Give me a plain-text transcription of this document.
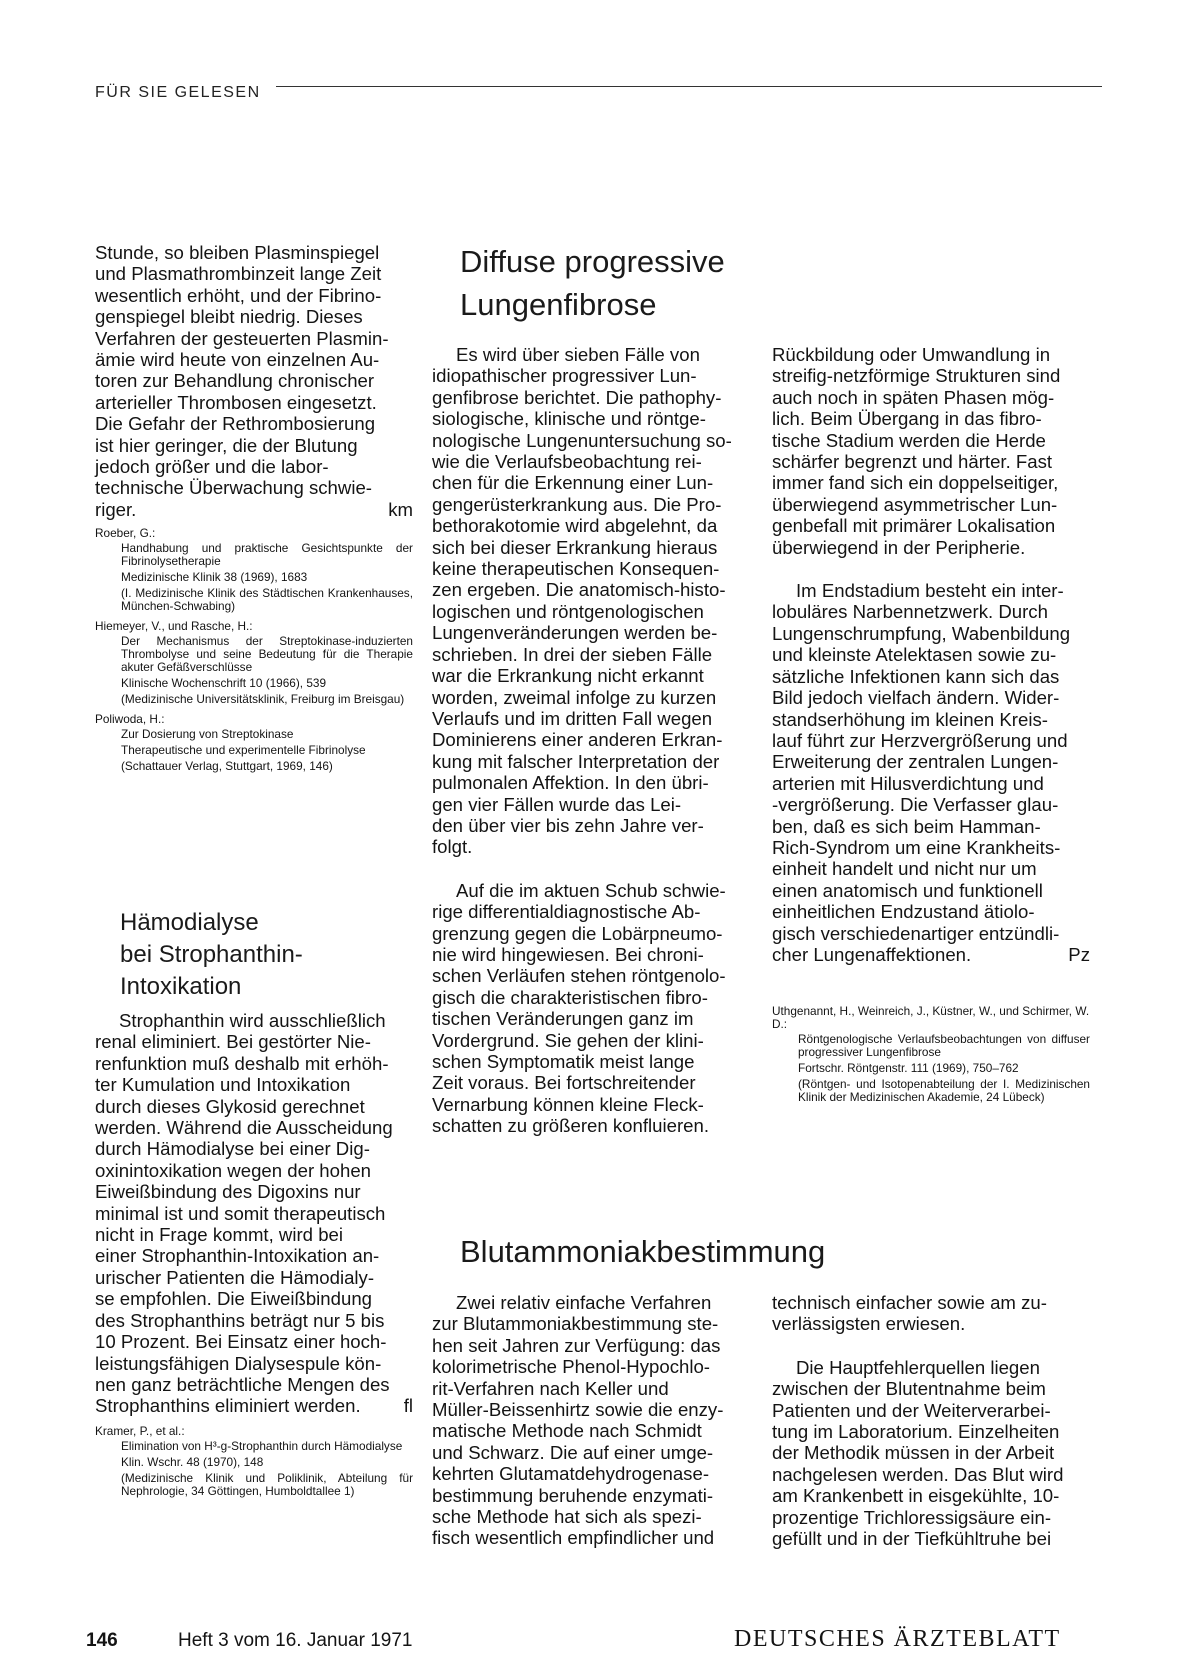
FÜR SIE GELESEN
Stunde, so bleiben Plasminspiegel
und Plasmathrombinzeit lange Zeit
wesentlich erhöht, und der Fibrino-
genspiegel bleibt niedrig. Dieses
Verfahren der gesteuerten Plasmin-
ämie wird heute von einzelnen Au-
toren zur Behandlung chronischer
arterieller Thrombosen eingesetzt.
Die Gefahr der Rethrombosierung
ist hier geringer, die der Blutung
jedoch größer und die labor-
technische Überwachung schwie-
riger.	km
Roeber, G.:
Handhabung und praktische Gesichtspunkte der Fibrinolysetherapie
Medizinische Klinik 38 (1969), 1683
(I. Medizinische Klinik des Städtischen Krankenhauses, München-Schwabing)
Hiemeyer, V., und Rasche, H.:
Der Mechanismus der Streptokinase-induzierten Thrombolyse und seine Bedeutung für die Therapie akuter Gefäßverschlüsse
Klinische Wochenschrift 10 (1966), 539
(Medizinische Universitätsklinik, Freiburg im Breisgau)
Poliwoda, H.:
Zur Dosierung von Streptokinase
Therapeutische und experimentelle Fibrinolyse
(Schattauer Verlag, Stuttgart, 1969, 146)
Hämodialyse
bei Strophanthin-
Intoxikation
Strophanthin wird ausschließlich
renal eliminiert. Bei gestörter Nie-
renfunktion muß deshalb mit erhöh-
ter Kumulation und Intoxikation
durch dieses Glykosid gerechnet
werden. Während die Ausscheidung
durch Hämodialyse bei einer Dig-
oxinintoxikation wegen der hohen
Eiweißbindung des Digoxins nur
minimal ist und somit therapeutisch
nicht in Frage kommt, wird bei
einer Strophanthin-Intoxikation an-
urischer Patienten die Hämodialy-
se empfohlen. Die Eiweißbindung
des Strophanthins beträgt nur 5 bis
10 Prozent. Bei Einsatz einer hoch-
leistungsfähigen Dialysespule kön-
nen ganz beträchtliche Mengen des
Strophanthins eliminiert werden. fl
Kramer, P., et al.:
Elimination von H³-g-Strophanthin durch Hämodialyse
Klin. Wschr. 48 (1970), 148
(Medizinische Klinik und Poliklinik, Abteilung für Nephrologie, 34 Göttingen, Humboldtallee 1)
Diffuse progressive
Lungenfibrose
Es wird über sieben Fälle von
idiopathischer progressiver Lun-
genfibrose berichtet. Die pathophy-
siologische, klinische und röntge-
nologische Lungenuntersuchung so-
wie die Verlaufsbeobachtung rei-
chen für die Erkennung einer Lun-
gengerüsterkrankung aus. Die Pro-
bethorakotomie wird abgelehnt, da
sich bei dieser Erkrankung hieraus
keine therapeutischen Konsequen-
zen ergeben. Die anatomisch-histo-
logischen und röntgenologischen
Lungenveränderungen werden be-
schrieben. In drei der sieben Fälle
war die Erkrankung nicht erkannt
worden, zweimal infolge zu kurzen
Verlaufs und im dritten Fall wegen
Dominierens einer anderen Erkran-
kung mit falscher Interpretation der
pulmonalen Affektion. In den übri-
gen vier Fällen wurde das Lei-
den über vier bis zehn Jahre ver-
folgt.
Auf die im aktuen Schub schwie-
rige differentialdiagnostische Ab-
grenzung gegen die Lobärpneumo-
nie wird hingewiesen. Bei chroni-
schen Verläufen stehen röntgenolo-
gisch die charakteristischen fibro-
tischen Veränderungen ganz im
Vordergrund. Sie gehen der klini-
schen Symptomatik meist lange
Zeit voraus. Bei fortschreitender
Vernarbung können kleine Fleck-
schatten zu größeren konfluieren.
Rückbildung oder Umwandlung in
streifig-netzförmige Strukturen sind
auch noch in späten Phasen mög-
lich. Beim Übergang in das fibro-
tische Stadium werden die Herde
schärfer begrenzt und härter. Fast
immer fand sich ein doppelseitiger,
überwiegend asymmetrischer Lun-
genbefall mit primärer Lokalisation
überwiegend in der Peripherie.
Im Endstadium besteht ein inter-
lobuläres Narbennetzwerk. Durch
Lungenschrumpfung, Wabenbildung
und kleinste Atelektasen sowie zu-
sätzliche Infektionen kann sich das
Bild jedoch vielfach ändern. Wider-
standserhöhung im kleinen Kreis-
lauf führt zur Herzvergrößerung und
Erweiterung der zentralen Lungen-
arterien mit Hilusverdichtung und
-vergrößerung. Die Verfasser glau-
ben, daß es sich beim Hamman-
Rich-Syndrom um eine Krankheits-
einheit handelt und nicht nur um
einen anatomisch und funktionell
einheitlichen Endzustand ätiolo-
gisch verschiedenartiger entzündli-
cher Lungenaffektionen.	Pz
Uthgenannt, H., Weinreich, J., Küstner, W., und Schirmer, W. D.:
Röntgenologische Verlaufsbeobachtungen von diffuser progressiver Lungenfibrose
Fortschr. Röntgenstr. 111 (1969), 750–762
(Röntgen- und Isotopenabteilung der I. Medizinischen Klinik der Medizinischen Akademie, 24 Lübeck)
Blutammoniakbestimmung
Zwei relativ einfache Verfahren
zur Blutammoniakbestimmung ste-
hen seit Jahren zur Verfügung: das
kolorimetrische Phenol-Hypochlo-
rit-Verfahren nach Keller und
Müller-Beissenhirtz sowie die enzy-
matische Methode nach Schmidt
und Schwarz. Die auf einer umge-
kehrten Glutamatdehydrogenase-
bestimmung beruhende enzymati-
sche Methode hat sich als spezi-
fisch wesentlich empfindlicher und
technisch einfacher sowie am zu-
verlässigsten erwiesen.
Die Hauptfehlerquellen liegen
zwischen der Blutentnahme beim
Patienten und der Weiterverarbei-
tung im Laboratorium. Einzelheiten
der Methodik müssen in der Arbeit
nachgelesen werden. Das Blut wird
am Krankenbett in eisgekühlte, 10-
prozentige Trichloressigsäure ein-
gefüllt und in der Tiefkühltruhe bei
146	Heft 3 vom 16. Januar 1971	DEUTSCHES ÄRZTEBLATT
